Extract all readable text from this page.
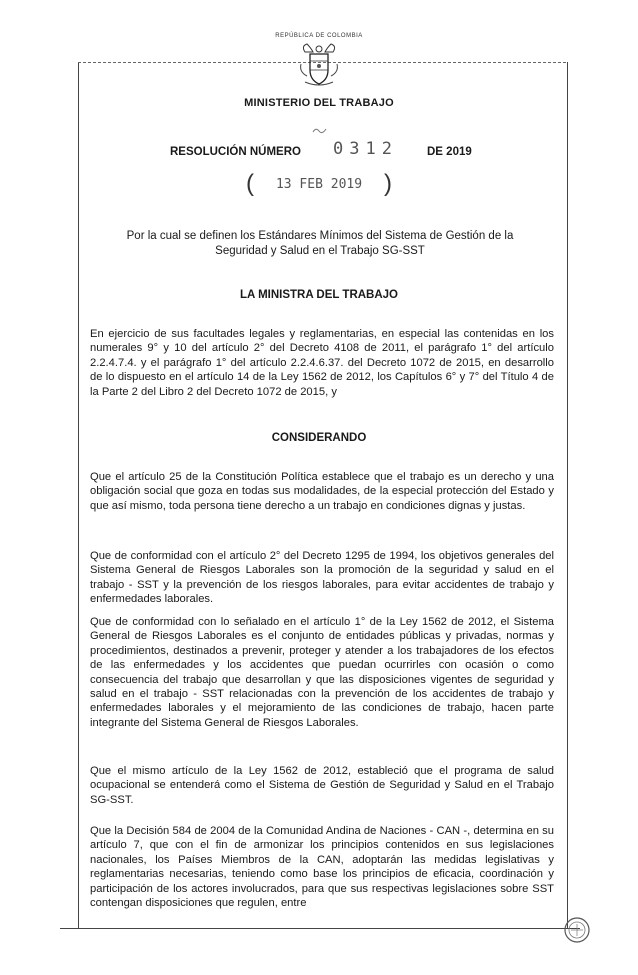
REPÚBLICA DE COLOMBIA
MINISTERIO DEL TRABAJO
RESOLUCIÓN NÚMERO 0312	DE 2019
( 13 FEB 2019 )
Por la cual se definen los Estándares Mínimos del Sistema de Gestión de la Seguridad y Salud en el Trabajo SG-SST
LA MINISTRA DEL TRABAJO

En ejercicio de sus facultades legales y reglamentarias, en especial las contenidas en los numerales 9° y 10 del artículo 2° del Decreto 4108 de 2011, el parágrafo 1° del artículo 2.2.4.7.4. y el parágrafo 1° del artículo 2.2.4.6.37. del Decreto 1072 de 2015, en desarrollo de lo dispuesto en el artículo 14 de la Ley 1562 de 2012, los Capítulos 6° y 7° del Título 4 de la Parte 2 del Libro 2 del Decreto 1072 de 2015, y

CONSIDERANDO

Que el artículo 25 de la Constitución Política establece que el trabajo es un derecho y una obligación social que goza en todas sus modalidades, de la especial protección del Estado y que así mismo, toda persona tiene derecho a un trabajo en condiciones dignas y justas.

Que de conformidad con el artículo 2° del Decreto 1295 de 1994, los objetivos generales del Sistema General de Riesgos Laborales son la promoción de la seguridad y salud en el trabajo - SST y la prevención de los riesgos laborales, para evitar accidentes de trabajo y enfermedades laborales.

Que de conformidad con lo señalado en el artículo 1° de la Ley 1562 de 2012, el Sistema General de Riesgos Laborales es el conjunto de entidades públicas y privadas, normas y procedimientos, destinados a prevenir, proteger y atender a los trabajadores de los efectos de las enfermedades y los accidentes que puedan ocurrirles con ocasión o como consecuencia del trabajo que desarrollan y que las disposiciones vigentes de seguridad y salud en el trabajo - SST relacionadas con la prevención de los accidentes de trabajo y enfermedades laborales y el mejoramiento de las condiciones de trabajo, hacen parte integrante del Sistema General de Riesgos Laborales.

Que el mismo artículo de la Ley 1562 de 2012, estableció que el programa de salud ocupacional se entenderá como el Sistema de Gestión de Seguridad y Salud en el Trabajo SG-SST.

Que la Decisión 584 de 2004 de la Comunidad Andina de Naciones - CAN -, determina en su artículo 7, que con el fin de armonizar los principios contenidos en sus legislaciones nacionales, los Países Miembros de la CAN, adoptarán las medidas legislativas y reglamentarias necesarias, teniendo como base los principios de eficacia, coordinación y participación de los actores involucrados, para que sus respectivas legislaciones sobre SST contengan disposiciones que regulen, entre
